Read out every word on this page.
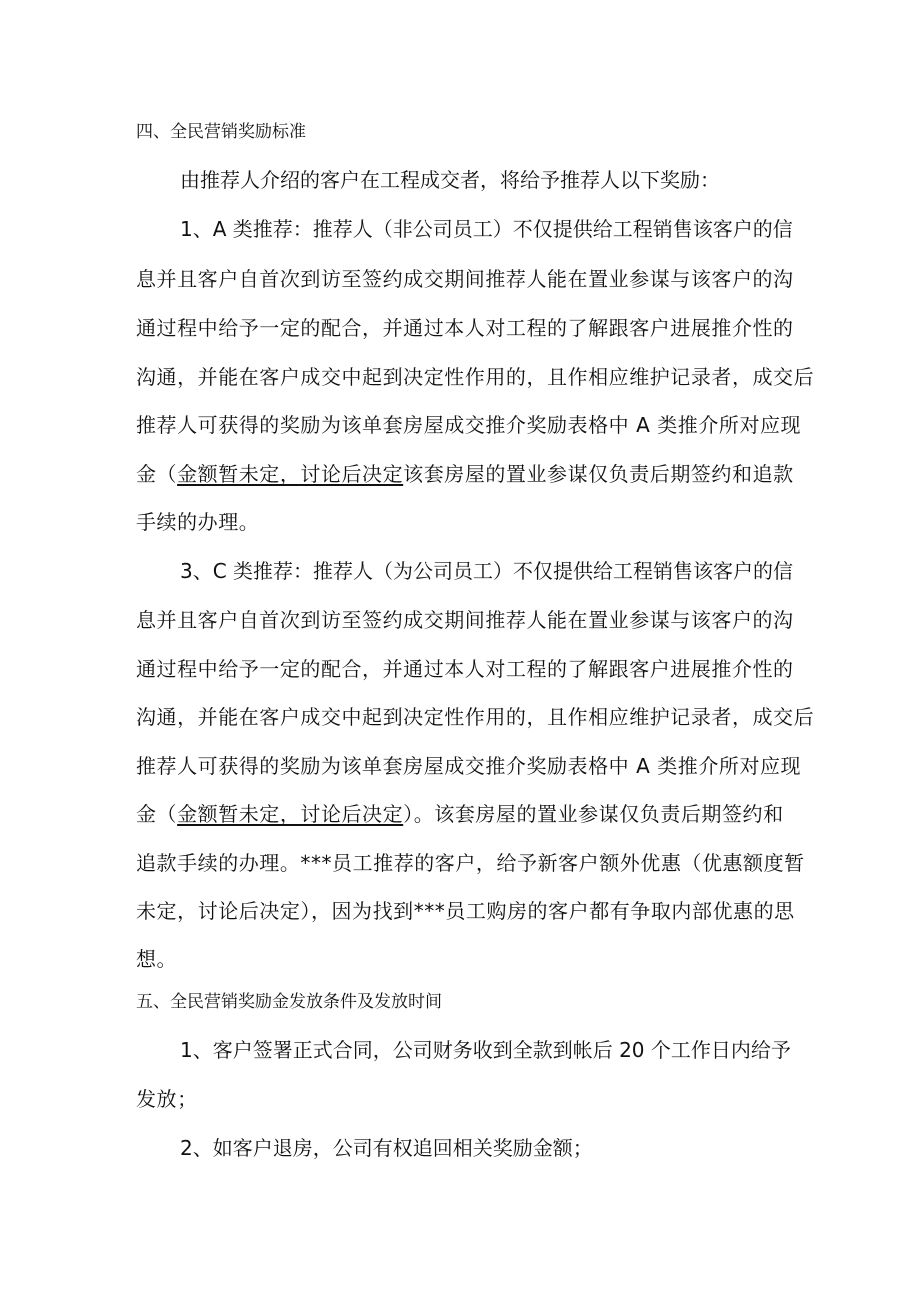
四、全民营销奖励标准
由推荐人介绍的客户在工程成交者，将给予推荐人以下奖励：
1、A 类推荐：推荐人（非公司员工）不仅提供给工程销售该客户的信
息并且客户自首次到访至签约成交期间推荐人能在置业参谋与该客户的沟
通过程中给予一定的配合，并通过本人对工程的了解跟客户进展推介性的
沟通，并能在客户成交中起到决定性作用的，且作相应维护记录者，成交后
推荐人可获得的奖励为该单套房屋成交推介奖励表格中 A 类推介所对应现
金（金额暂未定，讨论后决定该套房屋的置业参谋仅负责后期签约和追款
手续的办理。
3、C 类推荐：推荐人（为公司员工）不仅提供给工程销售该客户的信
息并且客户自首次到访至签约成交期间推荐人能在置业参谋与该客户的沟
通过程中给予一定的配合，并通过本人对工程的了解跟客户进展推介性的
沟通，并能在客户成交中起到决定性作用的，且作相应维护记录者，成交后
推荐人可获得的奖励为该单套房屋成交推介奖励表格中 A 类推介所对应现
金（金额暂未定，讨论后决定）。该套房屋的置业参谋仅负责后期签约和
追款手续的办理。***员工推荐的客户，给予新客户额外优惠（优惠额度暂
未定，讨论后决定），因为找到***员工购房的客户都有争取内部优惠的思
想。
五、全民营销奖励金发放条件及发放时间
1、客户签署正式合同，公司财务收到全款到帐后 20 个工作日内给予
发放；
2、如客户退房，公司有权追回相关奖励金额；
